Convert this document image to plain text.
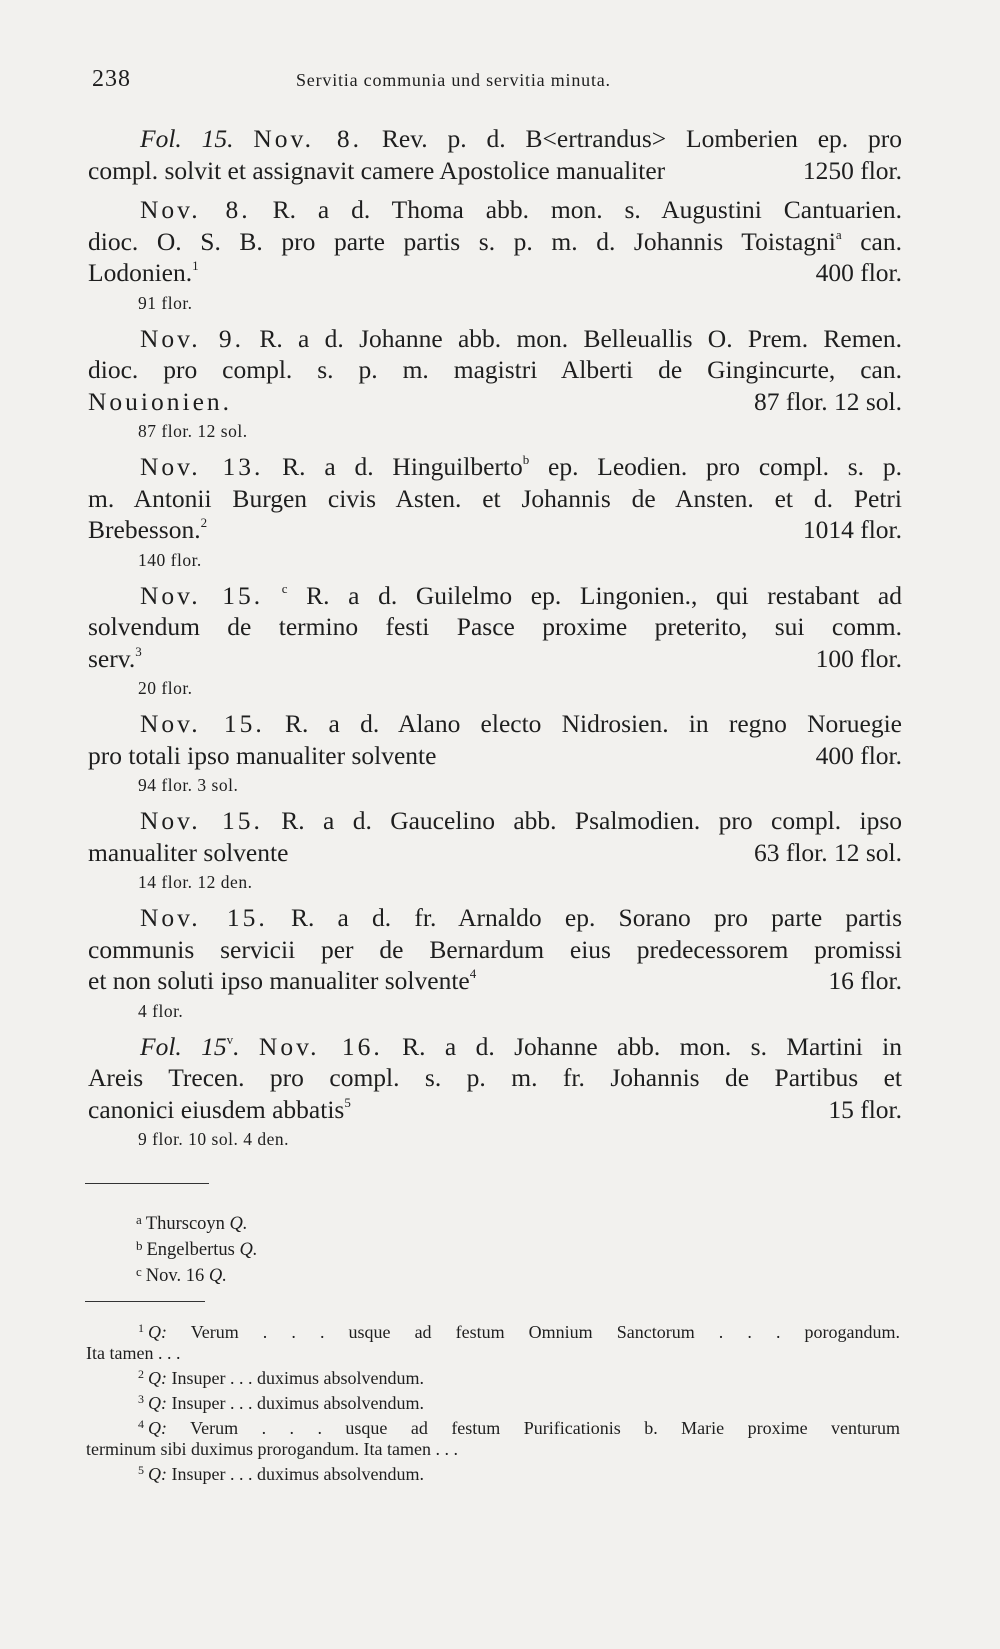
238	Servitia communia und servitia minuta.
Fol. 15. Nov. 8. Rev. p. d. B<ertrandus> Lomberien ep. pro
compl. solvit et assignavit camere Apostolice manualiter	1250 flor.
Nov. 8. R. a d. Thoma abb. mon. s. Augustini Cantuarien.
dioc. O. S. B. pro parte partis s. p. m. d. Johannis Toistagni$^a$ can.
Lodonien.$^1$	400 flor.
91 flor.
Nov. 9. R. a d. Johanne abb. mon. Belleuallis O. Prem. Remen.
dioc. pro compl. s. p. m. magistri Alberti de Gingincurte, can.
Nouionien.	87 flor. 12 sol.
87 flor. 12 sol.
Nov. 13. R. a d. Hinguilberto$^b$ ep. Leodien. pro compl. s. p.
m. Antonii Burgen civis Asten. et Johannis de Ansten. et d. Petri
Brebesson.$^2$	1014 flor.
140 flor.
Nov. 15. $^c$ R. a d. Guilelmo ep. Lingonien., qui restabant ad
solvendum de termino festi Pasce proxime preterito, sui comm.
serv.$^3$	100 flor.
20 flor.
Nov. 15. R. a d. Alano electo Nidrosien. in regno Noruegie
pro totali ipso manualiter solvente	400 flor.
94 flor. 3 sol.
Nov. 15. R. a d. Gaucelino abb. Psalmodien. pro compl. ipso
manualiter solvente	63 flor. 12 sol.
14 flor. 12 den.
Nov. 15. R. a d. fr. Arnaldo ep. Sorano pro parte partis
communis servicii per de Bernardum eius predecessorem promissi
et non soluti ipso manualiter solvente$^4$	16 flor.
4 flor.
Fol. 15$^v$. Nov. 16. R. a d. Johanne abb. mon. s. Martini in
Areis Trecen. pro compl. s. p. m. fr. Johannis de Partibus et
canonici eiusdem abbatis$^5$	15 flor.
9 flor. 10 sol. 4 den.
$^a$ Thurscoyn Q.
$^b$ Engelbertus Q.
$^c$ Nov. 16 Q.
$^1$ Q: Verum . . . usque ad festum Omnium Sanctorum . . . porogandum.
Ita tamen . . .
$^2$ Q: Insuper . . . duximus absolvendum.
$^3$ Q: Insuper . . . duximus absolvendum.
$^4$ Q: Verum . . . usque ad festum Purificationis b. Marie proxime venturum
terminum sibi duximus prorogandum. Ita tamen . . .
$^5$ Q: Insuper . . . duximus absolvendum.
